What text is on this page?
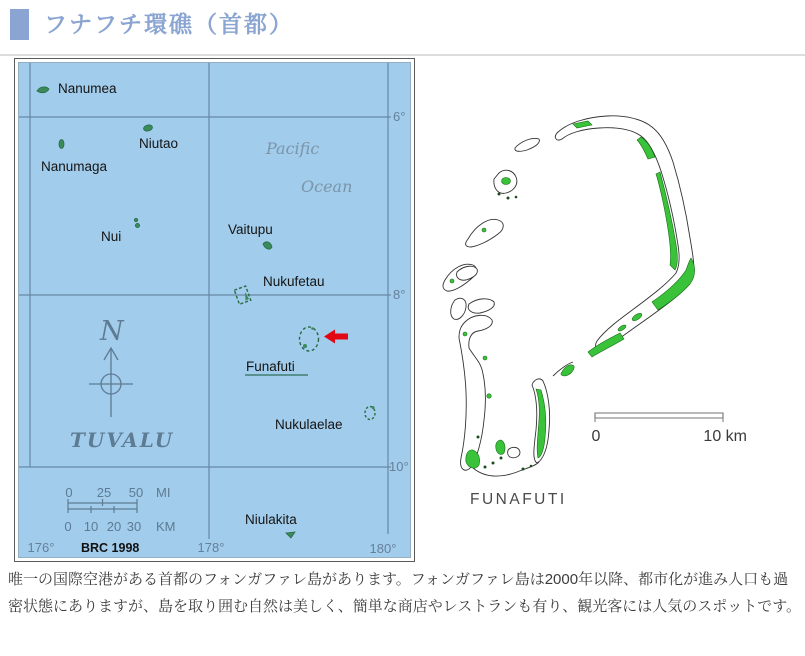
フナフチ環礁（首都）
6°
8°
10°
176°	178°	180°
Pacific
Ocean
Nanumea
Niutao
Nanumaga
Nui	Vaitupu
Nukufetau
Funafuti
Nukulaelae
Niulakita
N
TUVALU
0 25 50 MI
0 10 20 30 KM
BRC 1998
0	10 km
FUNAFUTI

唯一の国際空港がある首都のフォンガファレ島があります。フォンガファレ島は2000年以降、都市化が進み人口も過密状態にありますが、島を取り囲む自然は美しく、簡単な商店やレストランも有り、観光客には人気のスポットです。
